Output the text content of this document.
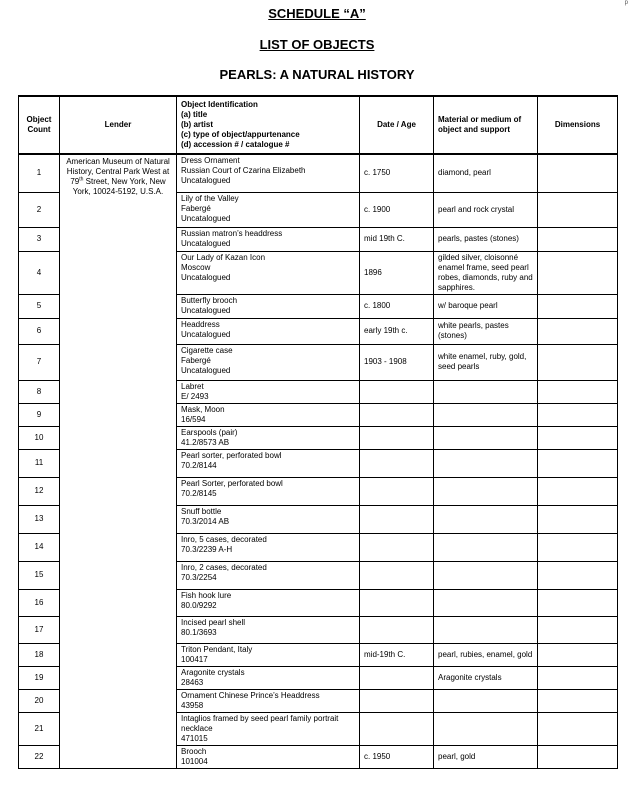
p
SCHEDULE “A”
LIST OF OBJECTS
PEARLS: A NATURAL HISTORY
Object Count	Lender	Object Identification
(a) title
(b) artist
(c) type of object/appurtenance
(d) accession # / catalogue #	Date / Age	Material or medium of object and support	Dimensions
1	American Museum of Natural History, Central Park West at 79th Street, New York, New York, 10024-5192, U.S.A.	Dress Ornament
Russian Court of Czarina Elizabeth
Uncatalogued	c. 1750	diamond, pearl	
2		Lily of the Valley
Fabergé
Uncatalogued	c. 1900	pearl and rock crystal	
3		Russian matron’s headdress
Uncatalogued	mid 19th C.	pearls, pastes (stones)	
4		Our Lady of Kazan Icon
Moscow
Uncatalogued	1896	gilded silver, cloisonné enamel frame, seed pearl robes, diamonds, ruby and sapphires.	
5		Butterfly brooch
Uncatalogued	c. 1800	w/ baroque pearl	
6		Headdress
Uncatalogued	early 19th c.	white pearls, pastes (stones)	
7		Cigarette case
Fabergé
Uncatalogued	1903 - 1908	white enamel, ruby, gold, seed pearls	
8		Labret
E/ 2493			

9		Mask, Moon
16/594			

10		Earspools (pair)
41.2/8573 AB			

11		Pearl sorter, perforated bowl
70.2/8144			

12		Pearl Sorter, perforated bowl
70.2/8145			

13		Snuff bottle
70.3/2014 AB			

14		Inro, 5 cases, decorated
70.3/2239 A-H			

15		Inro, 2 cases, decorated
70.3/2254			

16		Fish hook lure
80.0/9292			

17		Incised pearl shell
80.1/3693			

18		Triton Pendant, Italy
100417	mid-19th C.	pearl, rubies, enamel, gold	
19		Aragonite crystals
28463		Aragonite crystals	
20		Ornament Chinese Prince’s Headdress
43958			

21		Intaglios framed by seed pearl family portrait necklace
471015			

22		Brooch
101004	c. 1950	pearl, gold	
